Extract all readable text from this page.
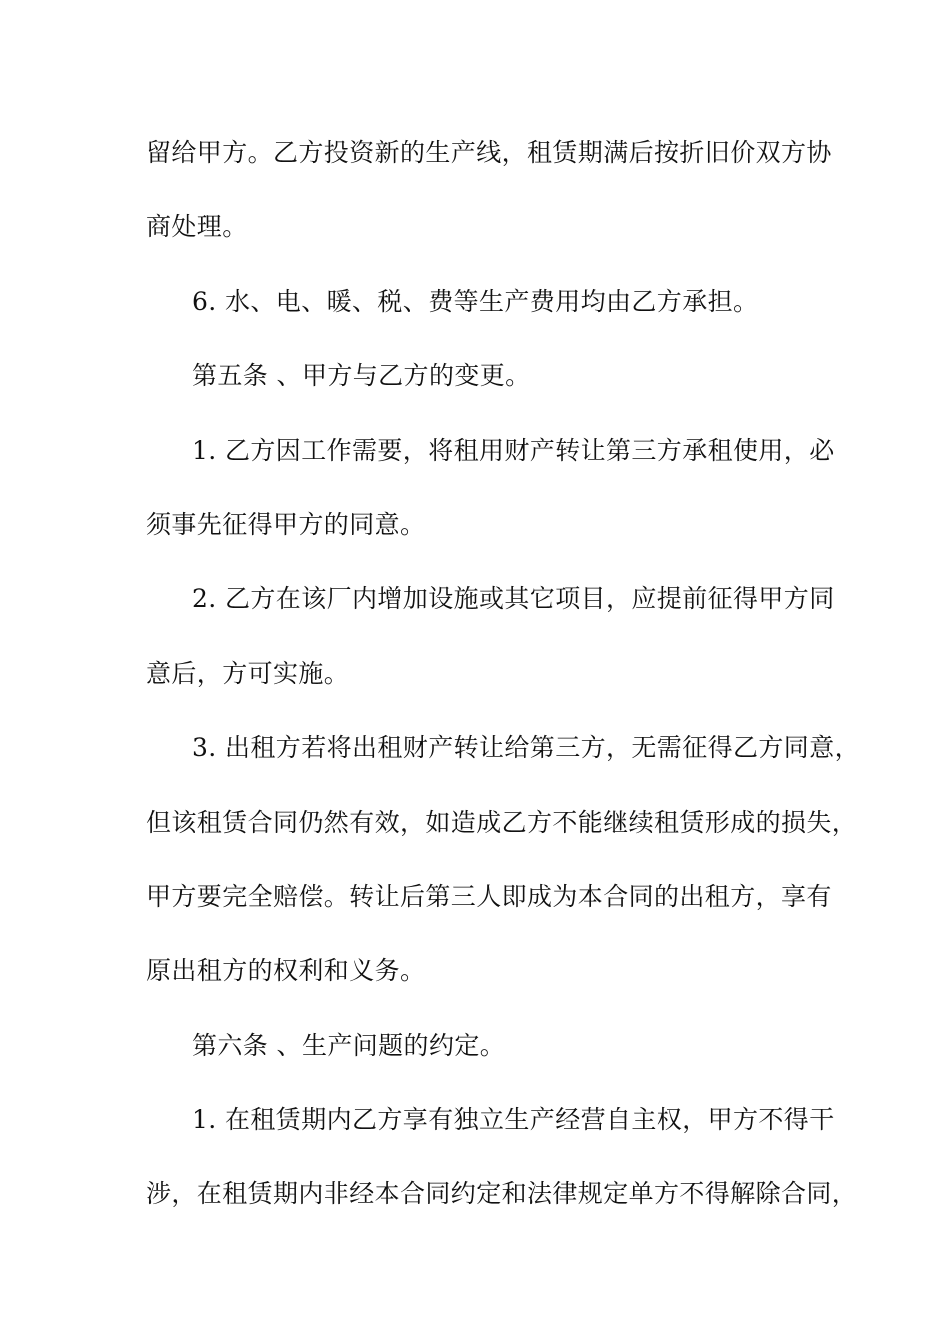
留给甲方。乙方投资新的生产线，租赁期满后按折旧价双方协
商处理。
6. 水、电、暖、税、费等生产费用均由乙方承担。
第五条 、甲方与乙方的变更。
1. 乙方因工作需要，将租用财产转让第三方承租使用，必
须事先征得甲方的同意。
2. 乙方在该厂内增加设施或其它项目，应提前征得甲方同
意后，方可实施。
3. 出租方若将出租财产转让给第三方，无需征得乙方同意，
但该租赁合同仍然有效，如造成乙方不能继续租赁形成的损失，
甲方要完全赔偿。转让后第三人即成为本合同的出租方，享有
原出租方的权利和义务。
第六条 、生产问题的约定。
1. 在租赁期内乙方享有独立生产经营自主权，甲方不得干
涉，在租赁期内非经本合同约定和法律规定单方不得解除合同，
